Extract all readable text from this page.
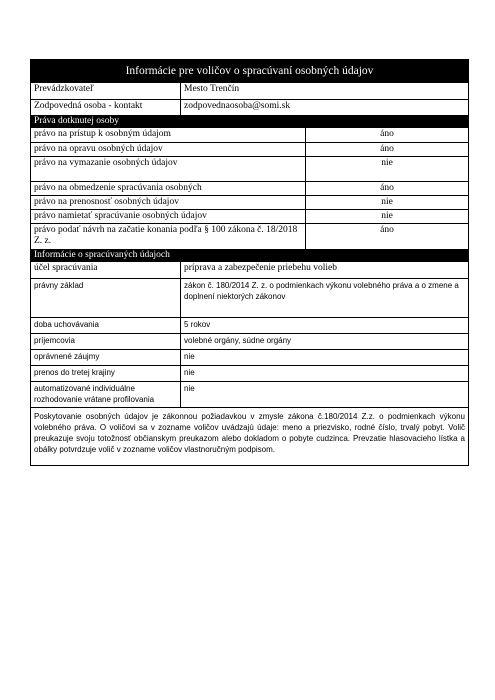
Informácie pre voličov o spracúvaní osobných údajov
Prevádzkovateľ	Mesto Trenčín
Zodpovedná osoba - kontakt	zodpovednaosoba@somi.sk
Práva dotknutej osoby
právo na prístup k osobným údajom	áno
právo na opravu osobných údajov	áno
právo na vymazanie osobných údajov	nie
právo na obmedzenie spracúvania osobných	áno
právo na prenosnosť osobných údajov	nie
právo namietať spracúvanie osobných údajov	nie
právo podať návrh na začatie konania podľa § 100 zákona č. 18/2018 Z. z.	áno
Informácie o spracúvaných údajoch
účel spracúvania	príprava a zabezpečenie priebehu volieb
právny základ	zákon č. 180/2014 Z. z. o podmienkach výkonu volebného práva a o zmene a doplnení niektorých zákonov
doba uchovávania	5 rokov
príjemcovia	volebné orgány, súdne orgány
oprávnené záujmy	nie
prenos do tretej krajiny	nie
automatizované individuálne rozhodovanie vrátane profilovania	nie
Poskytovanie osobných údajov je zákonnou požiadavkou v zmysle zákona č.180/2014 Z.z. o podmienkach výkonu volebného práva. O voličovi sa v zozname voličov uvádzajú údaje: meno a priezvisko, rodné číslo, trvalý pobyt. Volič preukazuje svoju totožnosť občianskym preukazom alebo dokladom o pobyte cudzinca. Prevzatie hlasovacieho lístka a obálky potvrdzuje volič v zozname voličov vlastnoručným podpisom.
